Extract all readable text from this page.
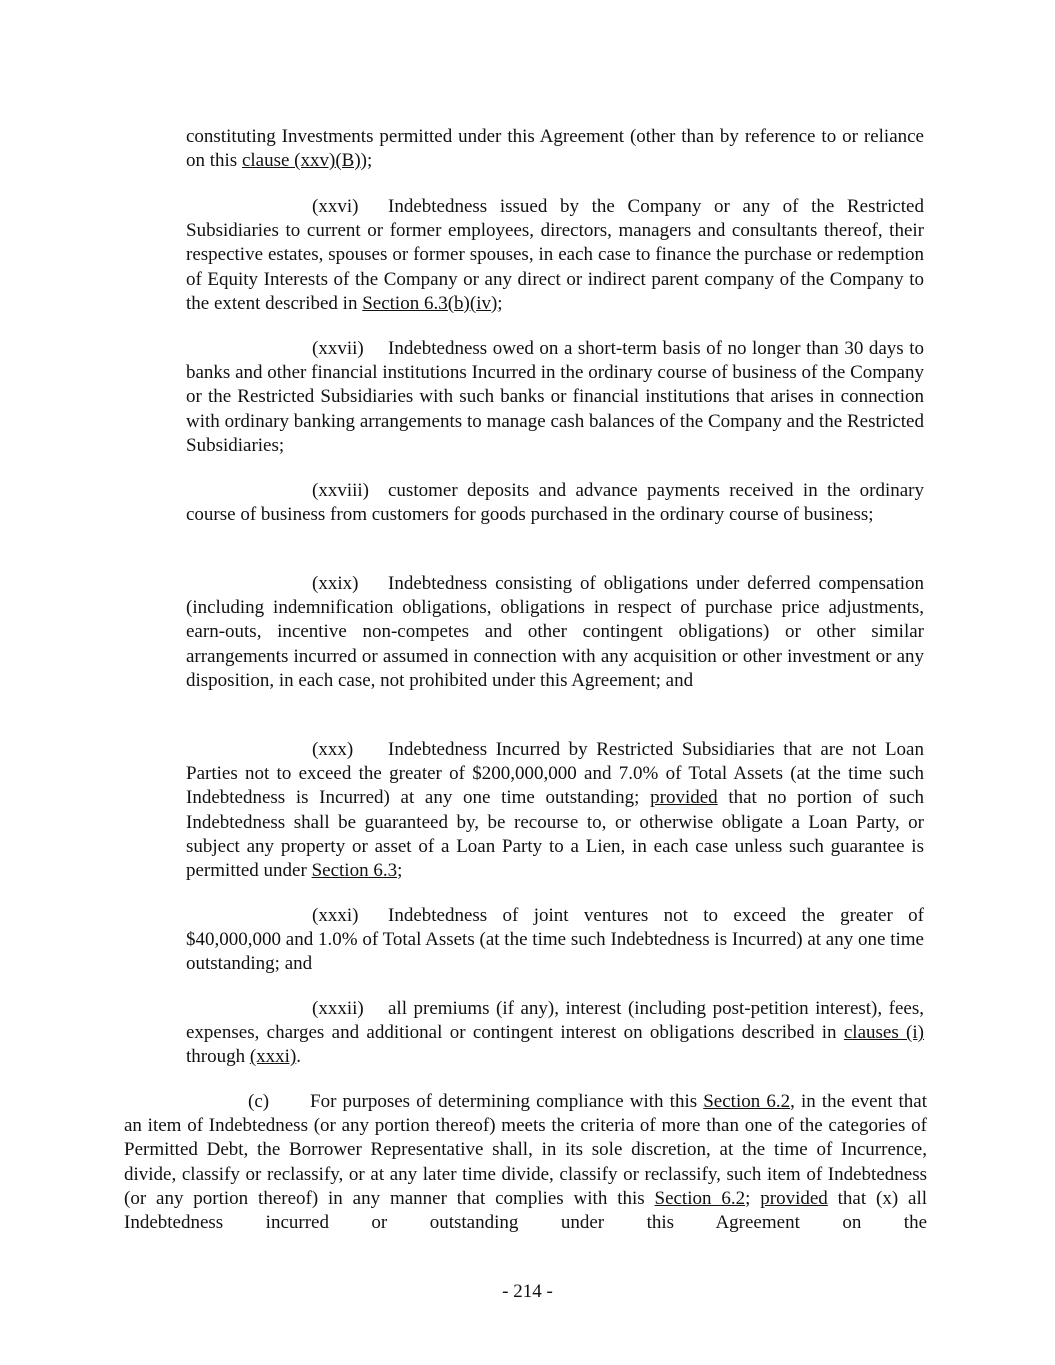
constituting Investments permitted under this Agreement (other than by reference to or reliance on this clause (xxv)(B));

(xxvi) Indebtedness issued by the Company or any of the Restricted Subsidiaries to current or former employees, directors, managers and consultants thereof, their respective estates, spouses or former spouses, in each case to finance the purchase or redemption of Equity Interests of the Company or any direct or indirect parent company of the Company to the extent described in Section 6.3(b)(iv);

(xxvii) Indebtedness owed on a short-term basis of no longer than 30 days to banks and other financial institutions Incurred in the ordinary course of business of the Company or the Restricted Subsidiaries with such banks or financial institutions that arises in connection with ordinary banking arrangements to manage cash balances of the Company and the Restricted Subsidiaries;

(xxviii) customer deposits and advance payments received in the ordinary course of business from customers for goods purchased in the ordinary course of business;

(xxix) Indebtedness consisting of obligations under deferred compensation (including indemnification obligations, obligations in respect of purchase price adjustments, earn-outs, incentive non-competes and other contingent obligations) or other similar arrangements incurred or assumed in connection with any acquisition or other investment or any disposition, in each case, not prohibited under this Agreement; and

(xxx) Indebtedness Incurred by Restricted Subsidiaries that are not Loan Parties not to exceed the greater of $200,000,000 and 7.0% of Total Assets (at the time such Indebtedness is Incurred) at any one time outstanding; provided that no portion of such Indebtedness shall be guaranteed by, be recourse to, or otherwise obligate a Loan Party, or subject any property or asset of a Loan Party to a Lien, in each case unless such guarantee is permitted under Section 6.3;

(xxxi) Indebtedness of joint ventures not to exceed the greater of $40,000,000 and 1.0% of Total Assets (at the time such Indebtedness is Incurred) at any one time outstanding; and

(xxxii) all premiums (if any), interest (including post-petition interest), fees, expenses, charges and additional or contingent interest on obligations described in clauses (i) through (xxxi).

(c) For purposes of determining compliance with this Section 6.2, in the event that an item of Indebtedness (or any portion thereof) meets the criteria of more than one of the categories of Permitted Debt, the Borrower Representative shall, in its sole discretion, at the time of Incurrence, divide, classify or reclassify, or at any later time divide, classify or reclassify, such item of Indebtedness (or any portion thereof) in any manner that complies with this Section 6.2; provided that (x) all Indebtedness incurred or outstanding under this Agreement on the

- 214 -
